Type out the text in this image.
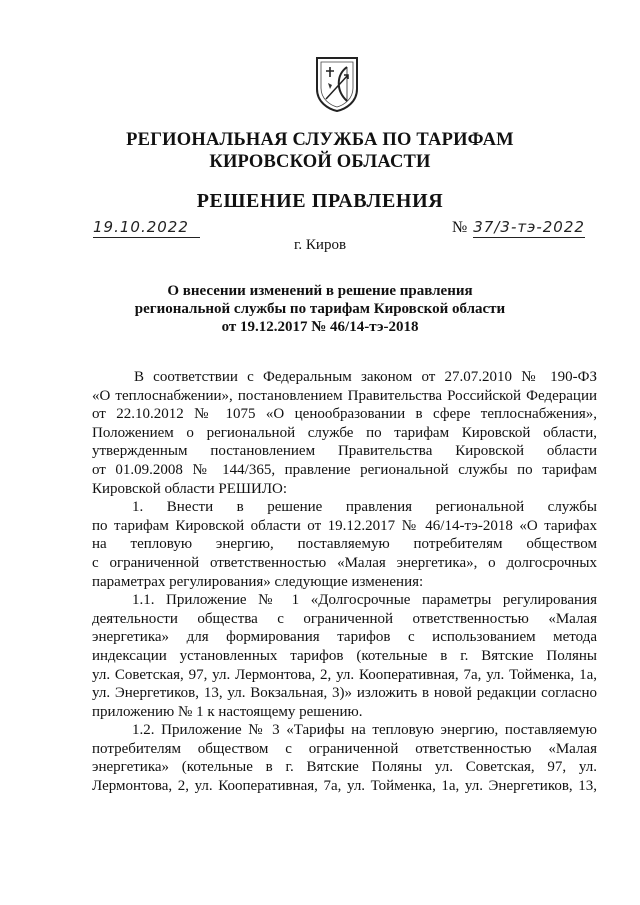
РЕГИОНАЛЬНАЯ СЛУЖБА ПО ТАРИФАМ
КИРОВСКОЙ ОБЛАСТИ
РЕШЕНИЕ ПРАВЛЕНИЯ
19.10.2022	№ 37/3-тэ-2022
г. Киров
О внесении изменений в решение правления
региональной службы по тарифам Кировской области
от 19.12.2017 № 46/14-тэ-2018
В соответствии с Федеральным законом от 27.07.2010 № 190-ФЗ
«О теплоснабжении», постановлением Правительства Российской Федерации
от 22.10.2012 № 1075 «О ценообразовании в сфере теплоснабжения»,
Положением о региональной службе по тарифам Кировской области,
утвержденным постановлением Правительства Кировской области
от 01.09.2008 № 144/365, правление региональной службы по тарифам
Кировской области РЕШИЛО:
1. Внести в решение правления региональной службы
по тарифам Кировской области от 19.12.2017 № 46/14-тэ-2018 «О тарифах
на тепловую энергию, поставляемую потребителям обществом
с ограниченной ответственностью «Малая энергетика», о долгосрочных
параметрах регулирования» следующие изменения:
1.1. Приложение № 1 «Долгосрочные параметры регулирования
деятельности общества с ограниченной ответственностью «Малая
энергетика» для формирования тарифов с использованием метода
индексации установленных тарифов (котельные в г. Вятские Поляны
ул. Советская, 97, ул. Лермонтова, 2, ул. Кооперативная, 7а, ул. Тойменка, 1а,
ул. Энергетиков, 13, ул. Вокзальная, 3)» изложить в новой редакции согласно
приложению № 1 к настоящему решению.
1.2. Приложение № 3 «Тарифы на тепловую энергию, поставляемую
потребителям обществом с ограниченной ответственностью «Малая
энергетика» (котельные в г. Вятские Поляны ул. Советская, 97, ул.
Лермонтова, 2, ул. Кооперативная, 7а, ул. Тойменка, 1а, ул. Энергетиков, 13,
